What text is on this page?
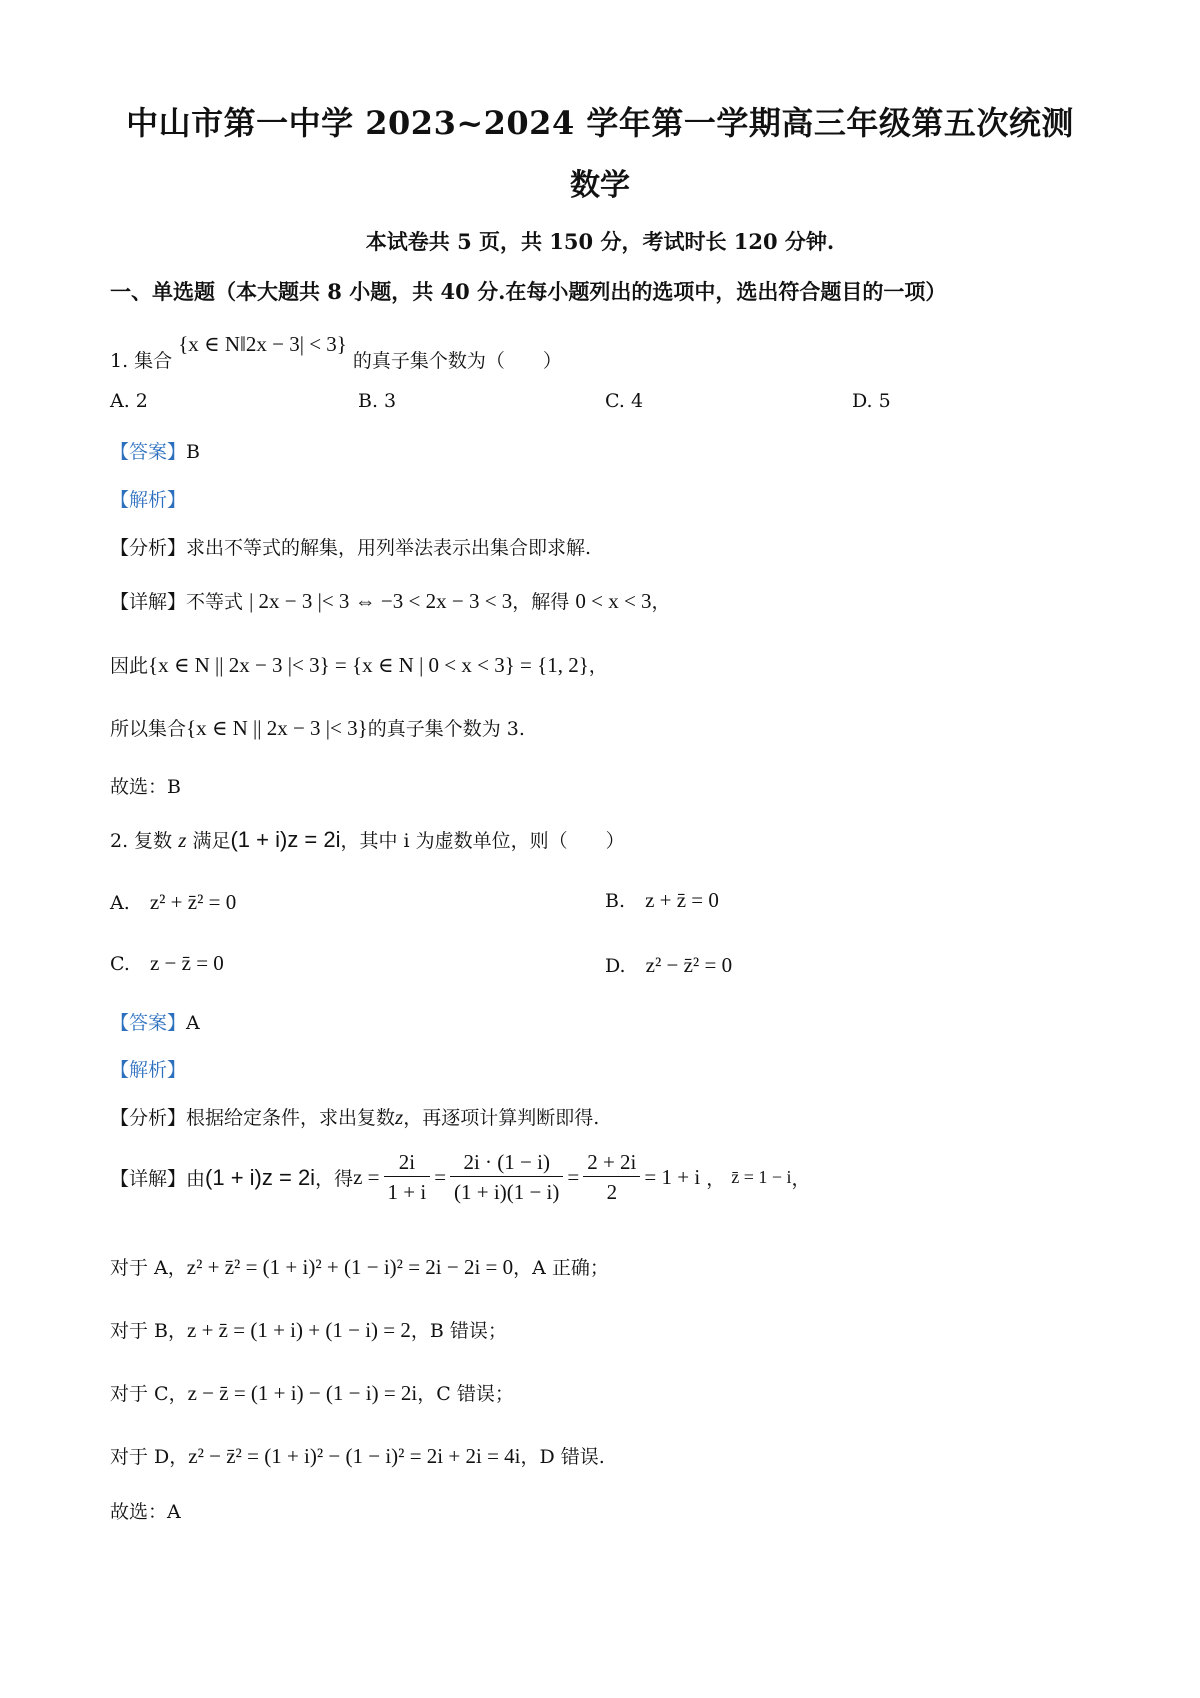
中山市第一中学 2023~2024 学年第一学期高三年级第五次统测
数学
本试卷共 5 页，共 150 分，考试时长 120 分钟.
一、单选题（本大题共 8 小题，共 40 分.在每小题列出的选项中，选出符合题目的一项）
1. 集合 {x ∈ N‖2x − 3| < 3} 的真子集个数为（　　）
A. 2	B. 3	C. 4	D. 5
【答案】B
【解析】
【分析】求出不等式的解集，用列举法表示出集合即求解.
【详解】不等式 | 2x − 3 |< 3 ⇔ −3 < 2x − 3 < 3，解得 0 < x < 3，
因此{x ∈ N || 2x − 3 |< 3} = {x ∈ N | 0 < x < 3} = {1, 2}，
所以集合{x ∈ N || 2x − 3 |< 3}的真子集个数为 3.
故选：B
2. 复数 z 满足(1 + i)z = 2i，其中 i 为虚数单位，则（　　）
A. z² + z̄² = 0	B. z + z̄ = 0
C. z − z̄ = 0	D. z² − z̄² = 0
【答案】A
【解析】
【分析】根据给定条件，求出复数z，再逐项计算判断即得.
【详解】 由 (1 + i)z = 2i ，得 $z = \frac{2i}{1 + i} = \frac{2i \cdot (1 - i)}{(1 + i)(1 - i)} = \frac{2 + 2i}{2} = 1 + i$ ， z̄ = 1 − i ，
对于 A，z² + z̄² = (1 + i)² + (1 − i)² = 2i − 2i = 0，A 正确；
对于 B，z + z̄ = (1 + i) + (1 − i) = 2，B 错误；
对于 C，z − z̄ = (1 + i) − (1 − i) = 2i，C 错误；
对于 D，z² − z̄² = (1 + i)² − (1 − i)² = 2i + 2i = 4i，D 错误.
故选：A
